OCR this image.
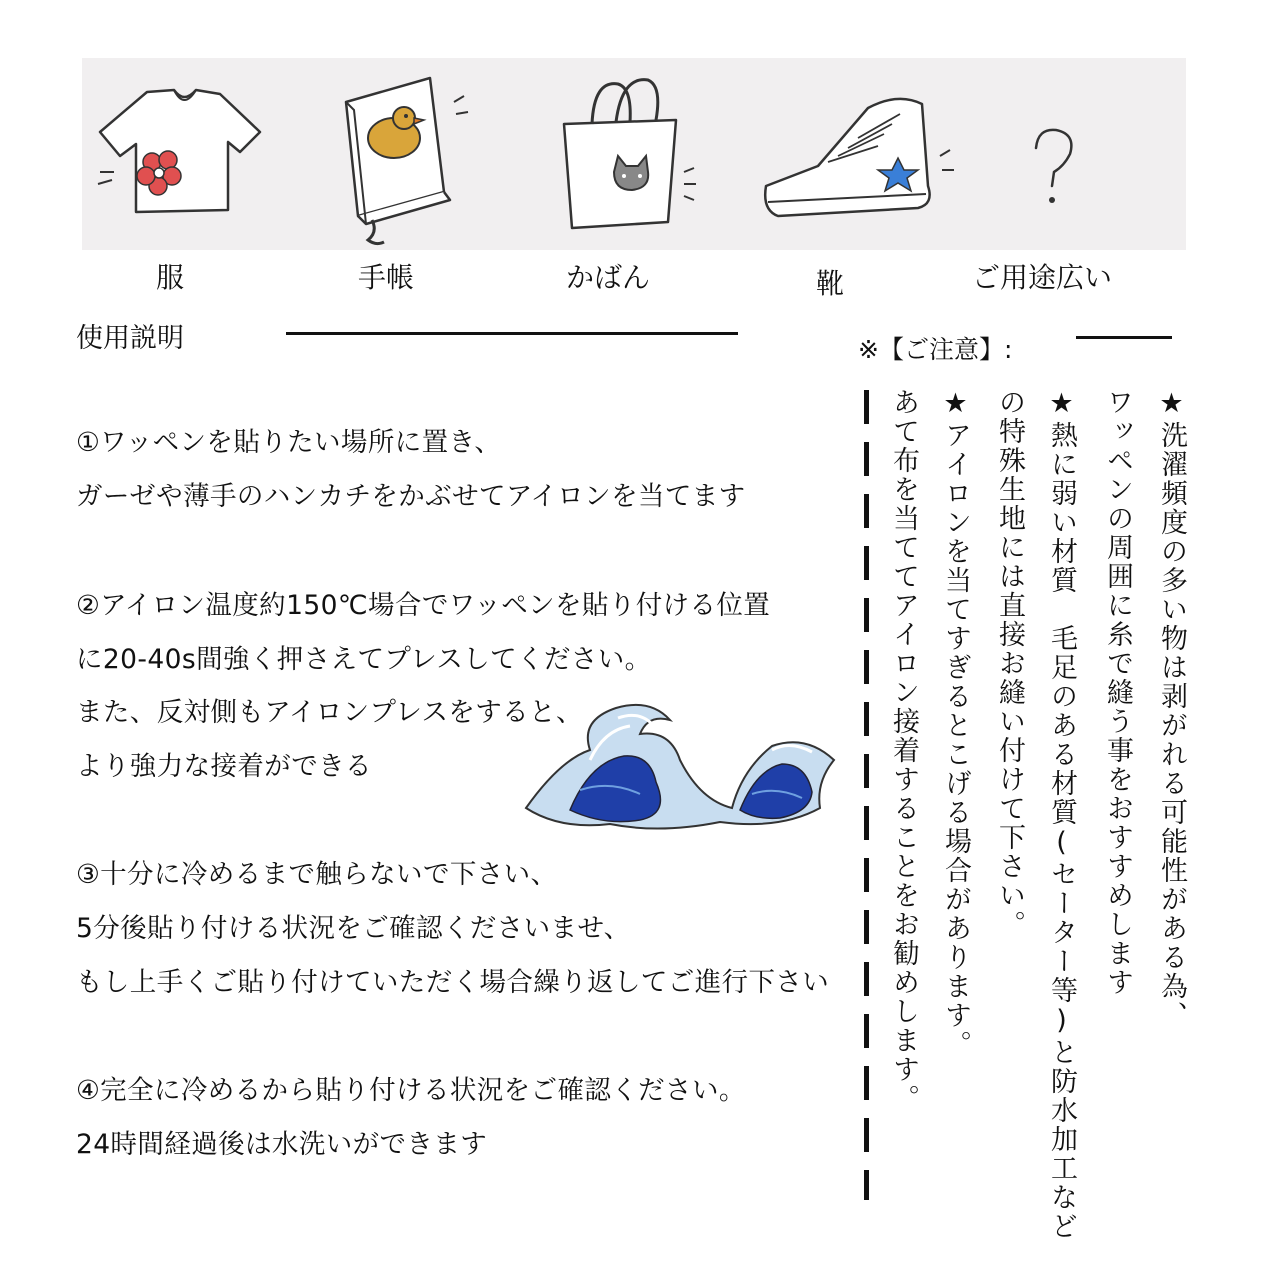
服	手帳	かばん	靴	ご用途広い
使用説明	※【ご注意】:
①ワッペンを貼りたい場所に置き、
ガーゼや薄手のハンカチをかぶせてアイロンを当てます
②アイロン温度約150℃場合でワッペンを貼り付ける位置
に20-40s間強く押さえてプレスしてください。
また、反対側もアイロンプレスをすると、
より強力な接着ができる
③十分に冷めるまで触らないで下さい、
5分後貼り付ける状況をご確認くださいませ、
もし上手くご貼り付けていただく場合繰り返してご進行下さい
④完全に冷めるから貼り付ける状況をご確認ください。
24時間経過後は水洗いができます
★洗濯頻度の多い物は剥がれる可能性がある為、
ワッペンの周囲に糸で縫う事をおすすめします
★熱に弱い材質　毛足のある材質(セーター等)と防水加工など
の特殊生地には直接お縫い付けて下さい。
★アイロンを当てすぎるとこげる場合があります。
あて布を当ててアイロン接着することをお勧めします。
